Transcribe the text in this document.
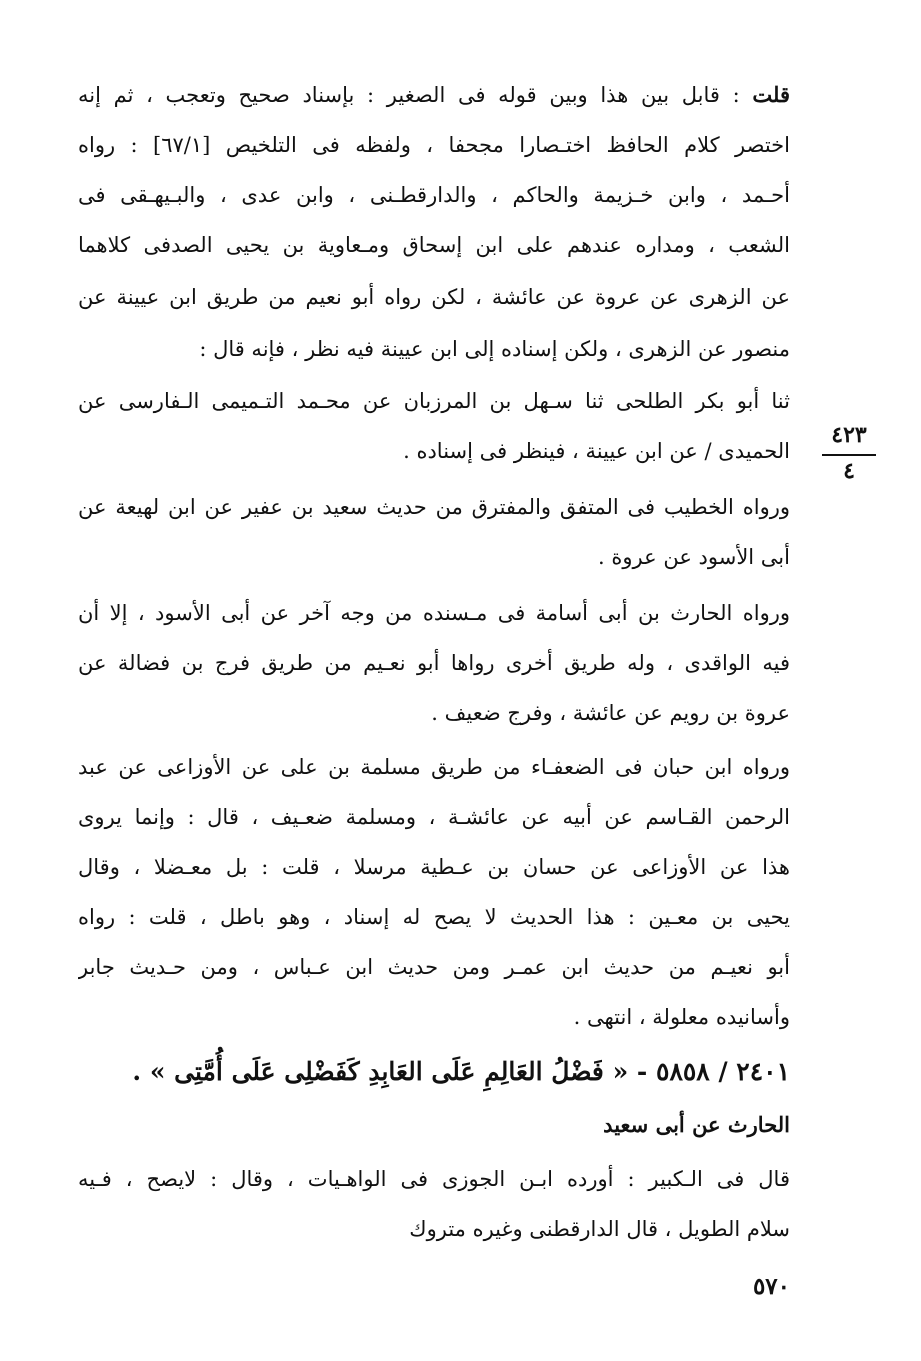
قلت : قابل بين هذا وبين قوله فى الصغير : بإسناد صحيح وتعجب ، ثم إنه
اختصر كلام الحافظ اختـصارا مجحفا ، ولفظه فى التلخيص [٦٧/١] : رواه
أحـمد ، وابن خـزيمة والحاكم ، والدارقطـنى ، وابن عدى ، والبـيهـقى فى
الشعب ، ومداره عندهم على ابن إسحاق ومـعاوية بن يحيى الصدفى كلاهما
عن الزهرى عن عروة عن عائشة ، لكن رواه أبو نعيم من طريق ابن عيينة عن
منصور عن الزهرى ، ولكن إسناده إلى ابن عيينة فيه نظر ، فإنه قال :
ثنا أبو بكر الطلحى ثنا سـهل بن المرزبان عن محـمد التـميمى الـفارسى عن
الحميدى / عن ابن عيينة ، فينظر فى إسناده .
٤٢٣
٤
ورواه الخطيب فى المتفق والمفترق من حديث سعيد بن عفير عن ابن لهيعة عن
أبى الأسود عن عروة .
ورواه الحارث بن أبى أسامة فى مـسنده من وجه آخر عن أبى الأسود ، إلا أن
فيه الواقدى ، وله طريق أخرى رواها أبو نعـيم من طريق فرج بن فضالة عن
عروة بن رويم عن عائشة ، وفرج ضعيف .
ورواه ابن حبان فى الضعفـاء من طريق مسلمة بن على عن الأوزاعى عن عبد
الرحمن القـاسم عن أبيه عن عائشـة ، ومسلمة ضعـيف ، قال : وإنما يروى
هذا عن الأوزاعى عن حسان بن عـطية مرسلا ، قلت : بل معـضلا ، وقال
يحيى بن معـين : هذا الحديث لا يصح له إسناد ، وهو باطل ، قلت : رواه
أبو نعيـم من حديث ابن عمـر ومن حديث ابن عـباس ، ومن حـديث جابر
وأسانيده معلولة ، انتهى .
٢٤٠١ / ٥٨٥٨ - « فَضْلُ العَالِمِ عَلَى العَابِدِ كَفَضْلِى عَلَى أُمَّتِى » .
الحارث عن أبى سعيد
قال فى الـكبير : أورده ابـن الجوزى فى الواهـيات ، وقال : لايصح ، فـيه
سلام الطويل ، قال الدارقطنى وغيره متروك
٥٧٠
